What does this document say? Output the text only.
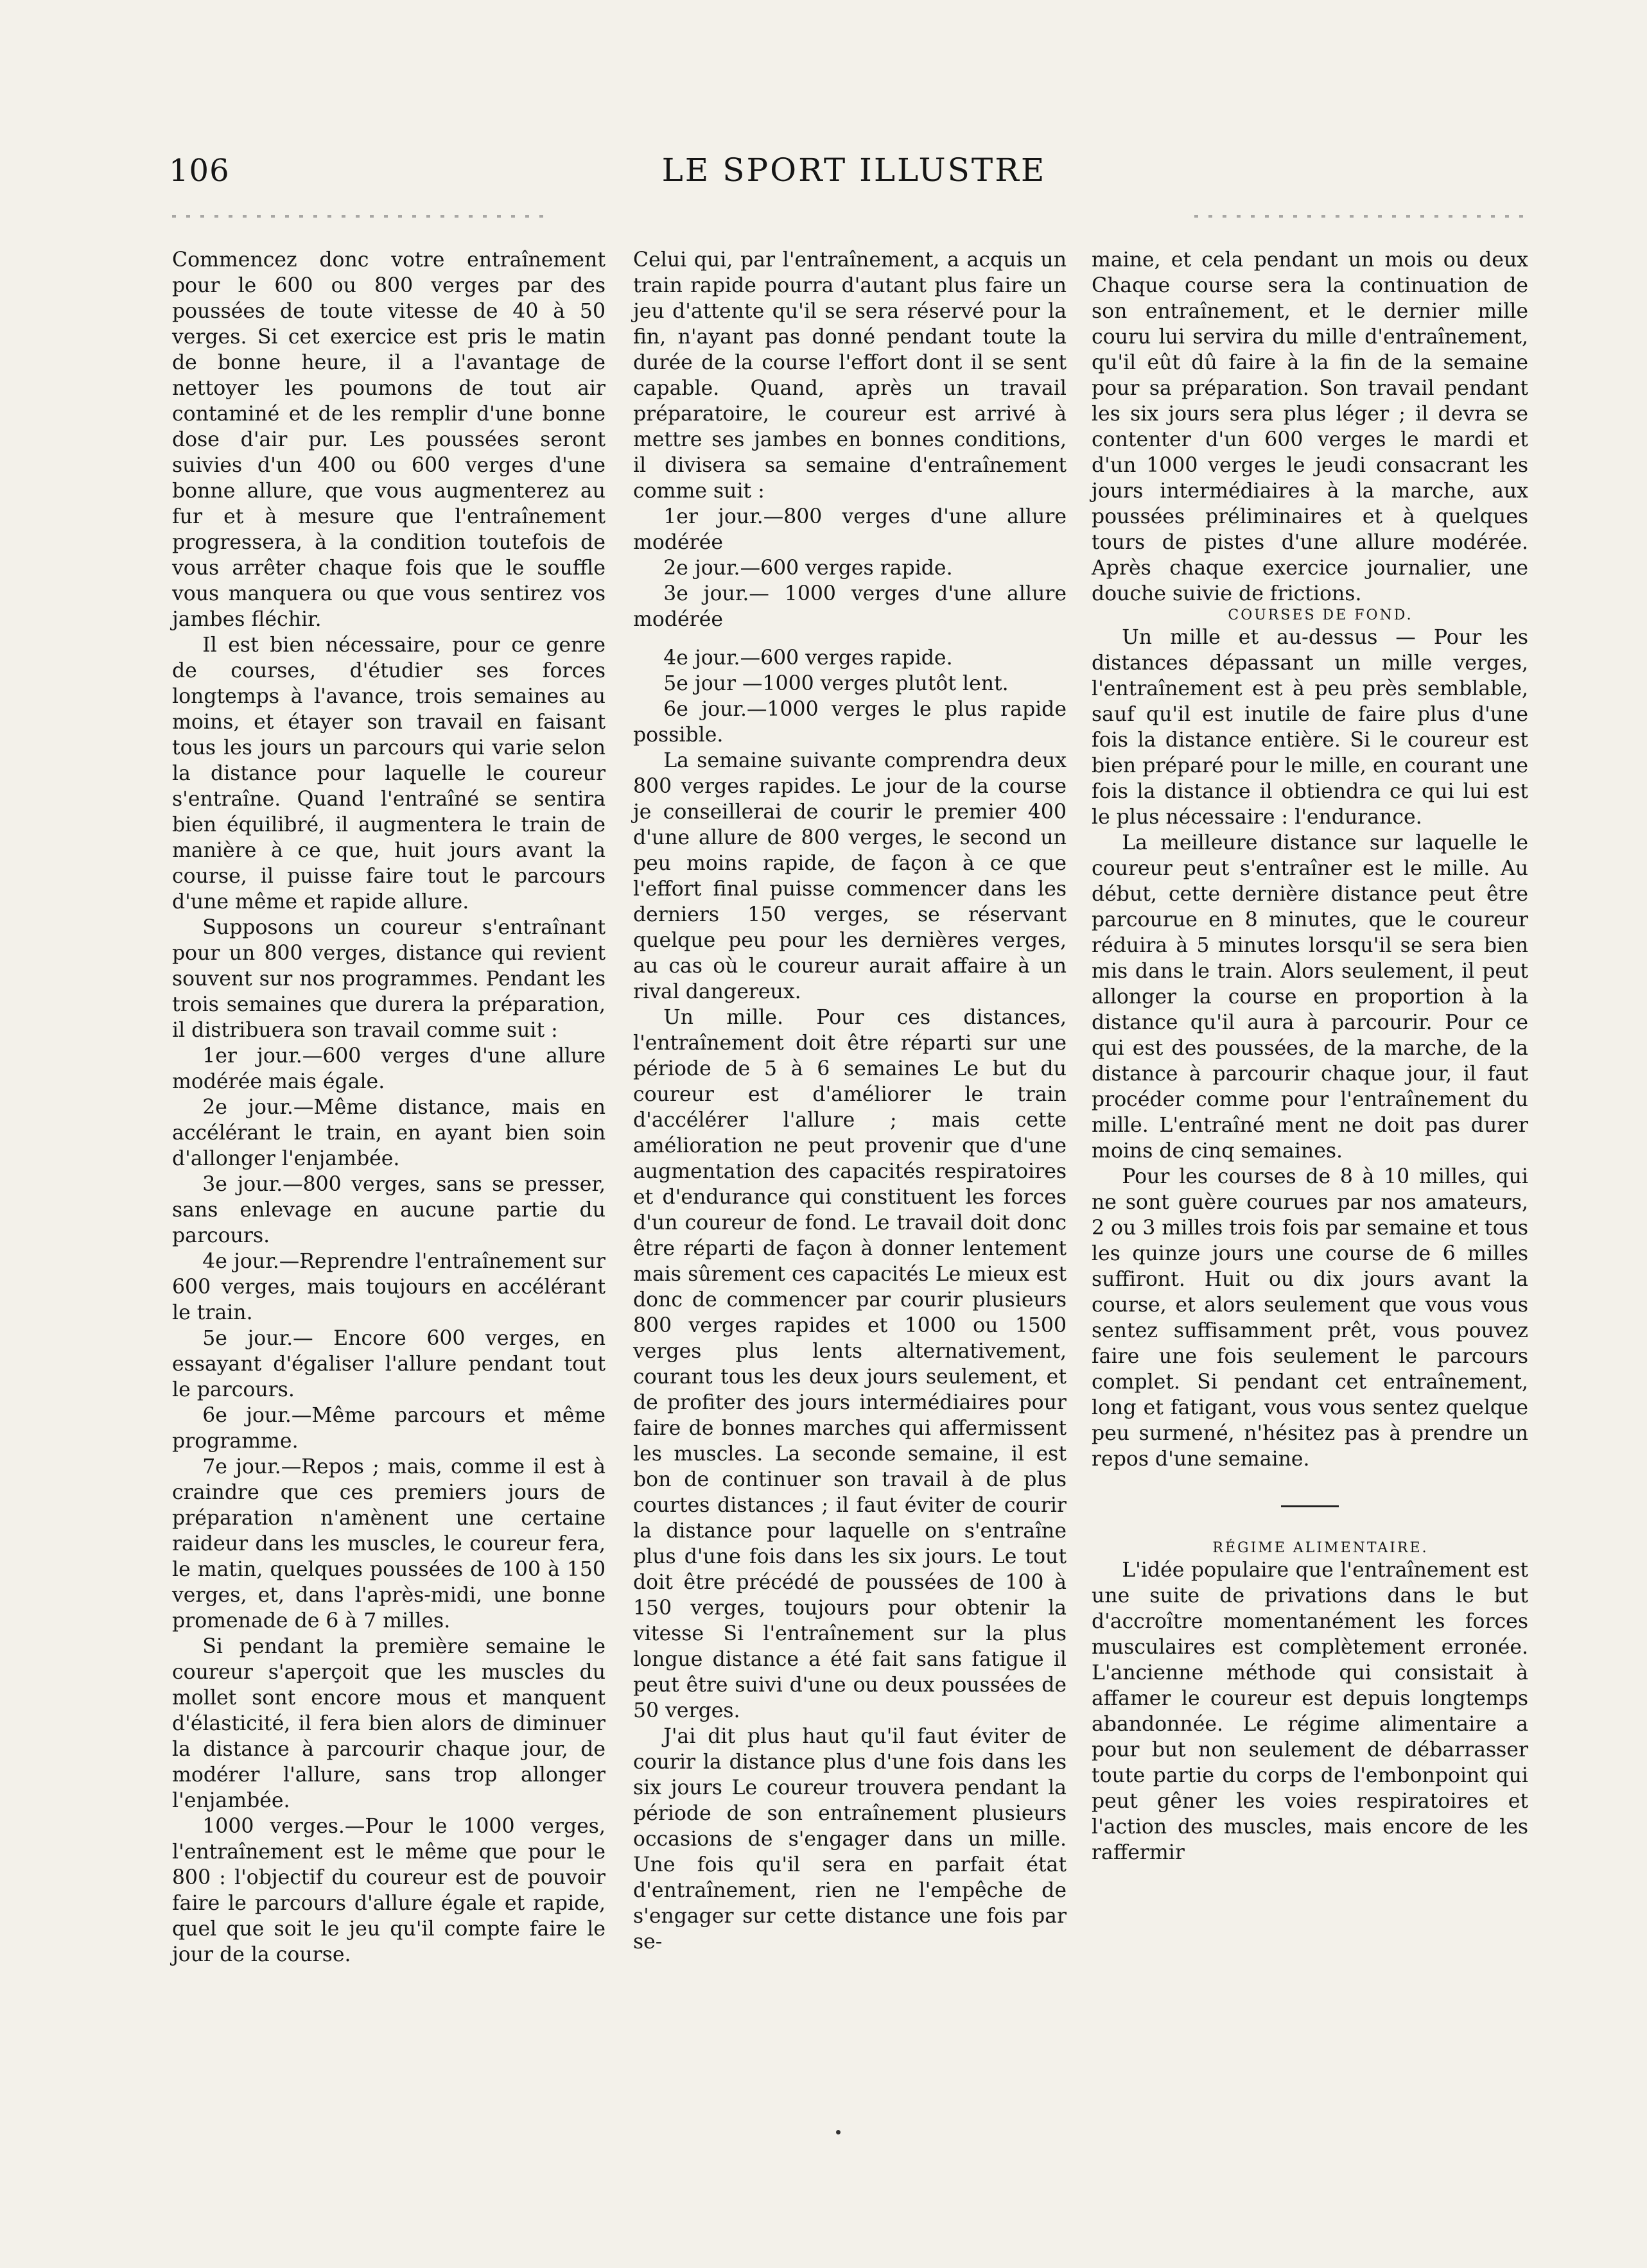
106	LE SPORT ILLUSTRE

Commencez donc votre entraînement pour le 600 ou 800 verges par des poussées de toute vitesse de 40 à 50 verges. Si cet exercice est pris le matin de bonne heure, il a l'avantage de nettoyer les poumons de tout air contaminé et de les remplir d'une bonne dose d'air pur. Les poussées seront suivies d'un 400 ou 600 verges d'une bonne allure, que vous augmenterez au fur et à mesure que l'entraînement progressera, à la condition toutefois de vous arrêter chaque fois que le souffle vous manquera ou que vous sentirez vos jambes fléchir.

Il est bien nécessaire, pour ce genre de courses, d'étudier ses forces longtemps à l'avance, trois semaines au moins, et étayer son travail en faisant tous les jours un parcours qui varie selon la distance pour laquelle le coureur s'entraîne. Quand l'entraîné se sentira bien équilibré, il augmentera le train de manière à ce que, huit jours avant la course, il puisse faire tout le parcours d'une même et rapide allure.

Supposons un coureur s'entraînant pour un 800 verges, distance qui revient souvent sur nos programmes. Pendant les trois semaines que durera la préparation, il distribuera son travail comme suit :

1er jour.—600 verges d'une allure modérée mais égale.

2e jour.—Même distance, mais en accélérant le train, en ayant bien soin d'allonger l'enjambée.

3e jour.—800 verges, sans se presser, sans enlevage en aucune partie du parcours.

4e jour.—Reprendre l'entraînement sur 600 verges, mais toujours en accélérant le train.

5e jour.— Encore 600 verges, en essayant d'égaliser l'allure pendant tout le parcours.

6e jour.—Même parcours et même programme.

7e jour.—Repos ; mais, comme il est à craindre que ces premiers jours de préparation n'amènent une certaine raideur dans les muscles, le coureur fera, le matin, quelques poussées de 100 à 150 verges, et, dans l'après-midi, une bonne promenade de 6 à 7 milles.

Si pendant la première semaine le coureur s'aperçoit que les muscles du mollet sont encore mous et manquent d'élasticité, il fera bien alors de diminuer la distance à parcourir chaque jour, de modérer l'allure, sans trop allonger l'enjambée.

1000 verges.—Pour le 1000 verges, l'entraînement est le même que pour le 800 : l'objectif du coureur est de pouvoir faire le parcours d'allure égale et rapide, quel que soit le jeu qu'il compte faire le jour de la course.

Celui qui, par l'entraînement, a acquis un train rapide pourra d'autant plus faire un jeu d'attente qu'il se sera réservé pour la fin, n'ayant pas donné pendant toute la durée de la course l'effort dont il se sent capable. Quand, après un travail préparatoire, le coureur est arrivé à mettre ses jambes en bonnes conditions, il divisera sa semaine d'entraînement comme suit :

1er jour.—800 verges d'une allure modérée

2e jour.—600 verges rapide.

3e jour.— 1000 verges d'une allure modérée

4e jour.—600 verges rapide.

5e jour —1000 verges plutôt lent.

6e jour.—1000 verges le plus rapide possible.

La semaine suivante comprendra deux 800 verges rapides. Le jour de la course je conseillerai de courir le premier 400 d'une allure de 800 verges, le second un peu moins rapide, de façon à ce que l'effort final puisse commencer dans les derniers 150 verges, se réservant quelque peu pour les dernières verges, au cas où le coureur aurait affaire à un rival dangereux.

Un mille. Pour ces distances, l'entraînement doit être réparti sur une période de 5 à 6 semaines Le but du coureur est d'améliorer le train d'accélérer l'allure ; mais cette amélioration ne peut provenir que d'une augmentation des capacités respiratoires et d'endurance qui constituent les forces d'un coureur de fond. Le travail doit donc être réparti de façon à donner lentement mais sûrement ces capacités Le mieux est donc de commencer par courir plusieurs 800 verges rapides et 1000 ou 1500 verges plus lents alternativement, courant tous les deux jours seulement, et de profiter des jours intermédiaires pour faire de bonnes marches qui affermissent les muscles. La seconde semaine, il est bon de continuer son travail à de plus courtes distances ; il faut éviter de courir la distance pour laquelle on s'entraîne plus d'une fois dans les six jours. Le tout doit être précédé de poussées de 100 à 150 verges, toujours pour obtenir la vitesse Si l'entraînement sur la plus longue distance a été fait sans fatigue il peut être suivi d'une ou deux poussées de 50 verges.

J'ai dit plus haut qu'il faut éviter de courir la distance plus d'une fois dans les six jours Le coureur trouvera pendant la période de son entraînement plusieurs occasions de s'engager dans un mille. Une fois qu'il sera en parfait état d'entraînement, rien ne l'empêche de s'engager sur cette distance une fois par se-

maine, et cela pendant un mois ou deux Chaque course sera la continuation de son entraînement, et le dernier mille couru lui servira du mille d'entraînement, qu'il eût dû faire à la fin de la semaine pour sa préparation. Son travail pendant les six jours sera plus léger ; il devra se contenter d'un 600 verges le mardi et d'un 1000 verges le jeudi consacrant les jours intermédiaires à la marche, aux poussées préliminaires et à quelques tours de pistes d'une allure modérée. Après chaque exercice journalier, une douche suivie de frictions.

COURSES DE FOND.

Un mille et au-dessus — Pour les distances dépassant un mille verges, l'entraînement est à peu près semblable, sauf qu'il est inutile de faire plus d'une fois la distance entière. Si le coureur est bien préparé pour le mille, en courant une fois la distance il obtiendra ce qui lui est le plus nécessaire : l'endurance.

La meilleure distance sur laquelle le coureur peut s'entraîner est le mille. Au début, cette dernière distance peut être parcourue en 8 minutes, que le coureur réduira à 5 minutes lorsqu'il se sera bien mis dans le train. Alors seulement, il peut allonger la course en proportion à la distance qu'il aura à parcourir. Pour ce qui est des poussées, de la marche, de la distance à parcourir chaque jour, il faut procéder comme pour l'entraînement du mille. L'entraîné ment ne doit pas durer moins de cinq semaines.

Pour les courses de 8 à 10 milles, qui ne sont guère courues par nos amateurs, 2 ou 3 milles trois fois par semaine et tous les quinze jours une course de 6 milles suffiront. Huit ou dix jours avant la course, et alors seulement que vous vous sentez suffisamment prêt, vous pouvez faire une fois seulement le parcours complet. Si pendant cet entraînement, long et fatigant, vous vous sentez quelque peu surmené, n'hésitez pas à prendre un repos d'une semaine.

RÉGIME ALIMENTAIRE.

L'idée populaire que l'entraînement est une suite de privations dans le but d'accroître momentanément les forces musculaires est complètement erronée. L'ancienne méthode qui consistait à affamer le coureur est depuis longtemps abandonnée. Le régime alimentaire a pour but non seulement de débarrasser toute partie du corps de l'embonpoint qui peut gêner les voies respiratoires et l'action des muscles, mais encore de les raffermir
